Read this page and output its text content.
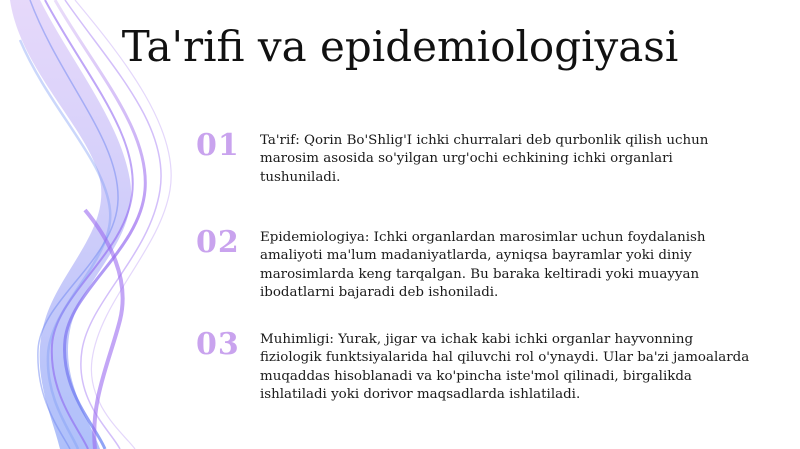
Ta'rifi va epidemiologiyasi
01	Ta'rif: Qorin Bo'Shlig'I ichki churralari deb qurbonlik qilish uchun marosim asosida so'yilgan urg'ochi echkining ichki organlari tushuniladi.
02	Epidemiologiya: Ichki organlardan marosimlar uchun foydalanish amaliyoti ma'lum madaniyatlarda, ayniqsa bayramlar yoki diniy marosimlarda keng tarqalgan. Bu baraka keltiradi yoki muayyan ibodatlarni bajaradi deb ishoniladi.
03	Muhimligi: Yurak, jigar va ichak kabi ichki organlar hayvonning fiziologik funktsiyalarida hal qiluvchi rol o'ynaydi. Ular ba'zi jamoalarda muqaddas hisoblanadi va ko'pincha iste'mol qilinadi, birgalikda ishlatiladi yoki dorivor maqsadlarda ishlatiladi.
